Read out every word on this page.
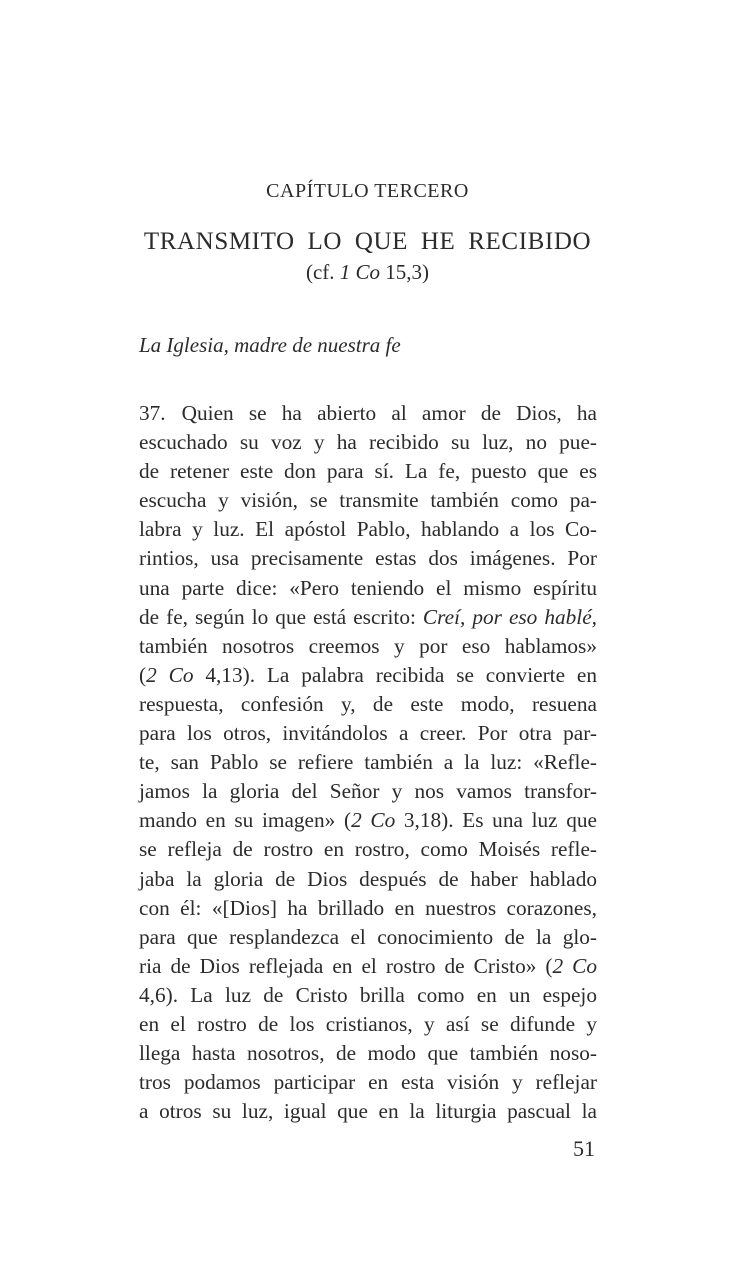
CAPÍTULO TERCERO
TRANSMITO LO QUE HE RECIBIDO
(cf. 1 Co 15,3)
La Iglesia, madre de nuestra fe
37. Quien se ha abierto al amor de Dios, ha
escuchado su voz y ha recibido su luz, no pue-
de retener este don para sí. La fe, puesto que es
escucha y visión, se transmite también como pa-
labra y luz. El apóstol Pablo, hablando a los Co-
rintios, usa precisamente estas dos imágenes. Por
una parte dice: «Pero teniendo el mismo espíritu
de fe, según lo que está escrito: Creí, por eso hablé,
también nosotros creemos y por eso hablamos»
(2 Co 4,13). La palabra recibida se convierte en
respuesta, confesión y, de este modo, resuena
para los otros, invitándolos a creer. Por otra par-
te, san Pablo se refiere también a la luz: «Refle-
jamos la gloria del Señor y nos vamos transfor-
mando en su imagen» (2 Co 3,18). Es una luz que
se refleja de rostro en rostro, como Moisés refle-
jaba la gloria de Dios después de haber hablado
con él: «[Dios] ha brillado en nuestros corazones,
para que resplandezca el conocimiento de la glo-
ria de Dios reflejada en el rostro de Cristo» (2 Co
4,6). La luz de Cristo brilla como en un espejo
en el rostro de los cristianos, y así se difunde y
llega hasta nosotros, de modo que también noso-
tros podamos participar en esta visión y reflejar
a otros su luz, igual que en la liturgia pascual la
51
